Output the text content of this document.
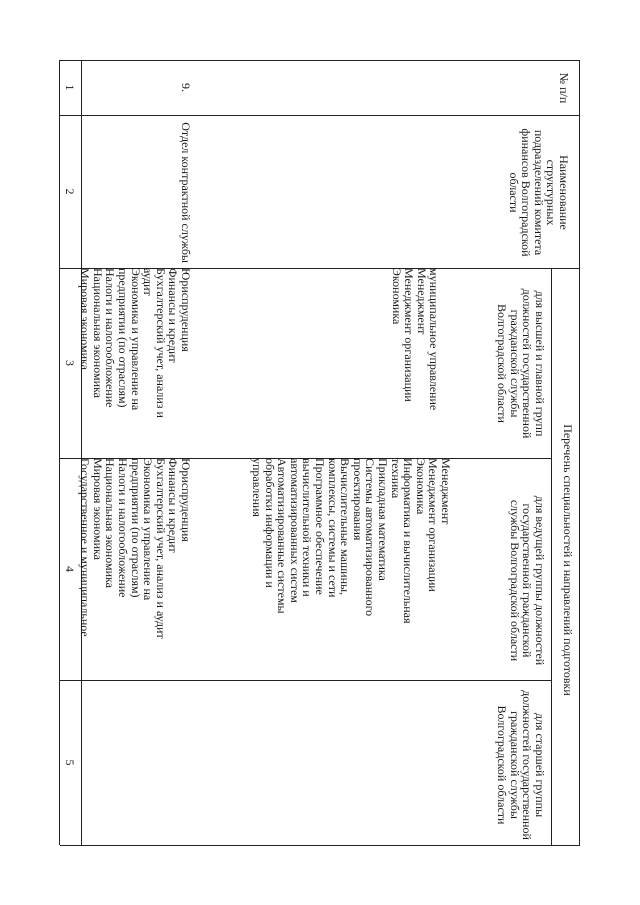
№ п/п
Наименование структурных подразделений комитета финансов Волгоградской области
Перечень специальностей и направлений подготовки
для высшей и главной групп должностей государственной гражданской службы Волгоградской области
для ведущей группы должностей государственной гражданской службы Волгоградской области
для старшей группы должностей государственной гражданской службы Волгоградской области
1
2
3
4
5
муниципальное управление
Менеджмент
Менеджмент организации
Экономика
Менеджмент
Менеджмент организации
Экономика
Информатика и вычислительная
техника
Прикладная математика
Системы автоматизированного
проектирования
Вычислительные машины,
комплексы, системы и сети
Программное обеспечение
вычислительной техники и
автоматизированных систем
Автоматизированные системы
обработки информации и
управления
9.
Отдел контрактной службы
Юриспруденция
Финансы и кредит
Бухгалтерский учет, анализ и
аудит
Экономика и управление на
предприятии (по отраслям)
Налоги и налогообложение
Национальная экономика
Мировая экономика
Юриспруденция
Финансы и кредит
Бухгалтерский учет, анализ и аудит
Экономика и управление на
предприятии (по отраслям)
Налоги и налогообложение
Национальная экономика
Мировая экономика
Государственное и муниципальное
